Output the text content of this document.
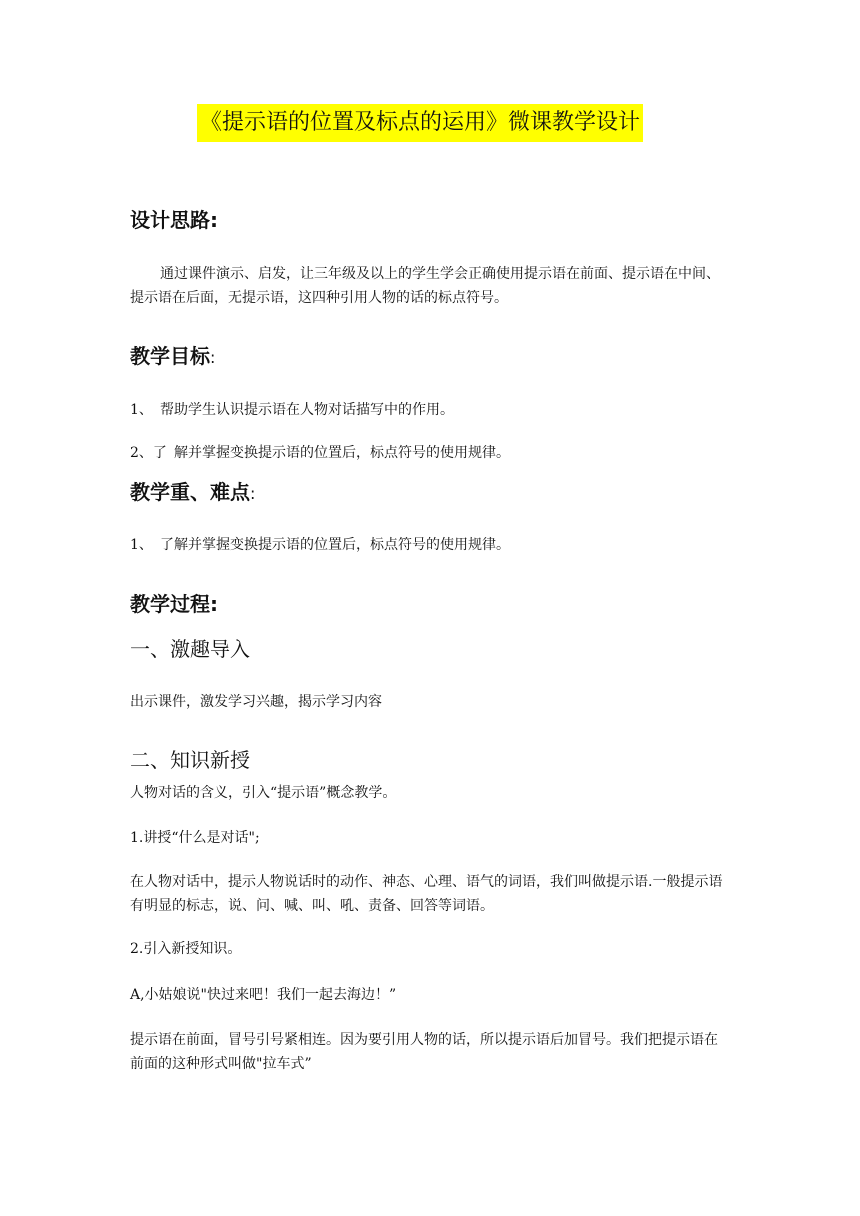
《提示语的位置及标点的运用》微课教学设计
设计思路:
通过课件演示、启发，让三年级及以上的学生学会正确使用提示语在前面、提示语在中间、提示语在后面，无提示语，这四种引用人物的话的标点符号。
教学目标:
1、 帮助学生认识提示语在人物对话描写中的作用。
2、了 解并掌握变换提示语的位置后，标点符号的使用规律。
教学重、难点:
1、 了解并掌握变换提示语的位置后，标点符号的使用规律。
教学过程:
一、激趣导入
出示课件，激发学习兴趣，揭示学习内容
二、知识新授
人物对话的含义，引入“提示语”概念教学。
1.讲授“什么是对话";
在人物对话中，提示人物说话时的动作、神态、心理、语气的词语，我们叫做提示语.一般提示语有明显的标志，说、问、喊、叫、吼、责备、回答等词语。
2.引入新授知识。
A,小姑娘说"快过来吧！我们一起去海边！”
提示语在前面，冒号引号紧相连。因为要引用人物的话，所以提示语后加冒号。我们把提示语在前面的这种形式叫做"拉车式”
